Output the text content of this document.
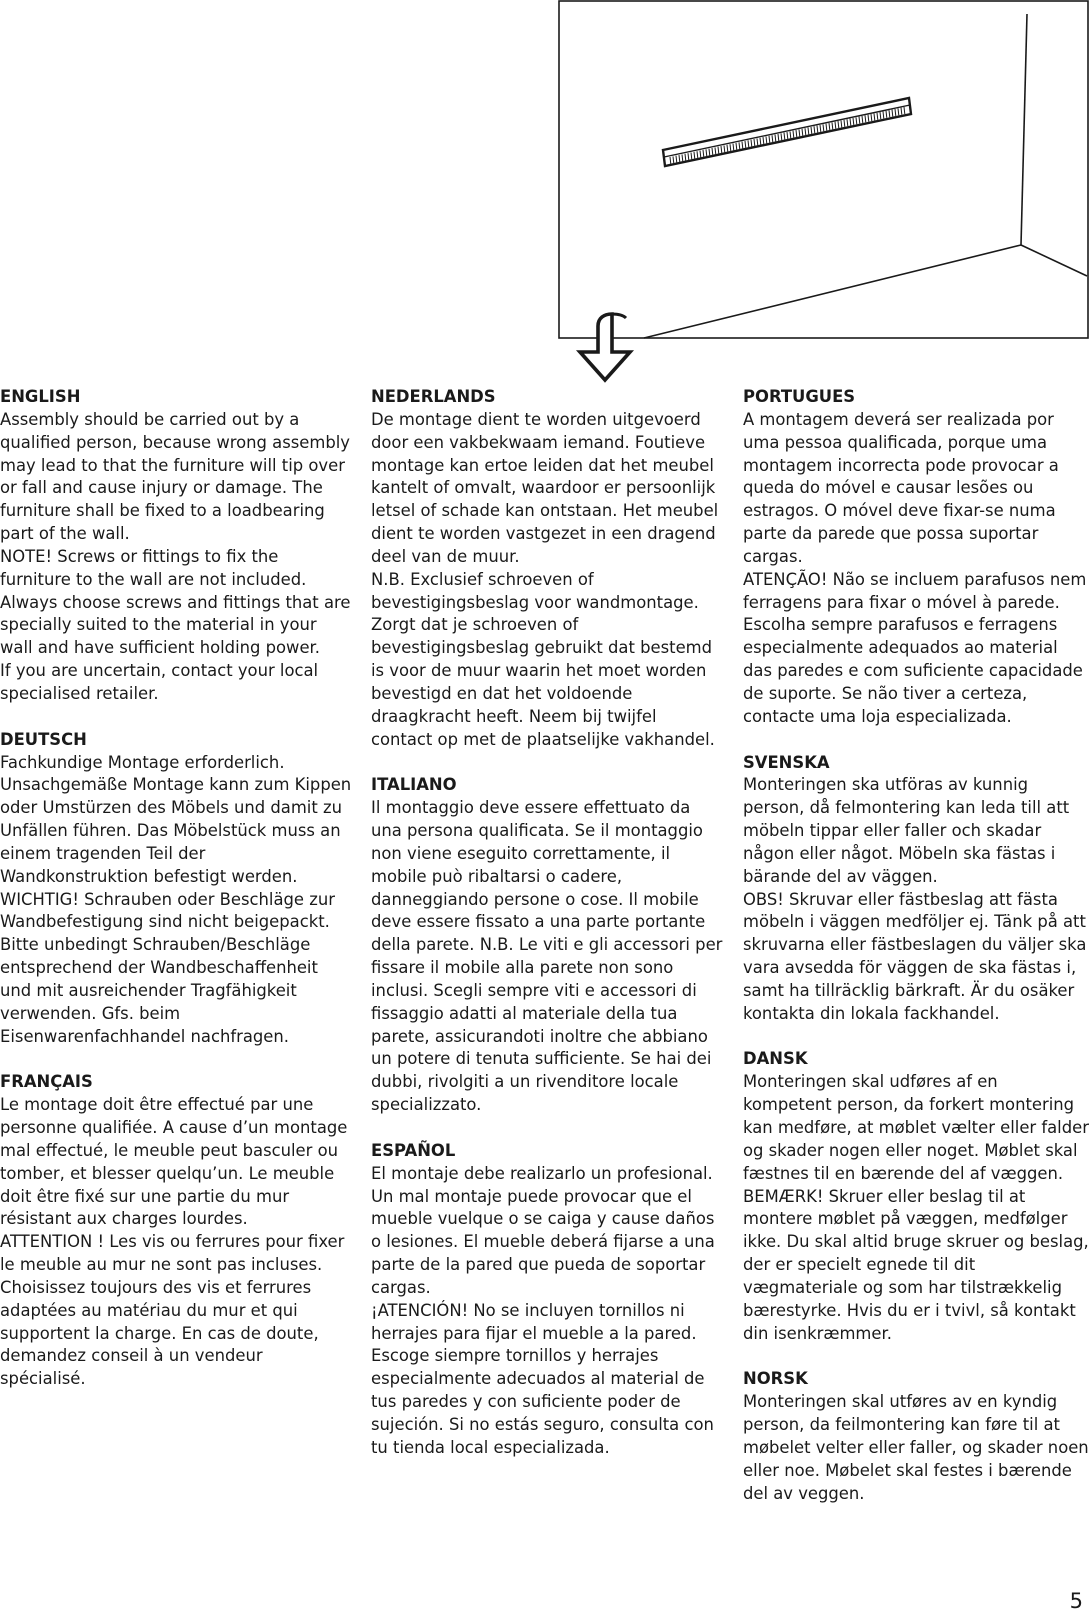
ENGLISH
Assembly should be carried out by a qualified person, because wrong assembly may lead to that the furniture will tip over or fall and cause injury or damage. The furniture shall be fixed to a loadbearing part of the wall.
NOTE! Screws or fittings to fix the furniture to the wall are not included. Always choose screws and fittings that are specially suited to the material in your wall and have sufficient holding power.
If you are uncertain, contact your local specialised retailer.
DEUTSCH
Fachkundige Montage erforderlich. Unsachgemäße Montage kann zum Kippen oder Umstürzen des Möbels und damit zu Unfällen führen. Das Möbelstück muss an einem tragenden Teil der Wandkonstruktion befestigt werden.
WICHTIG! Schrauben oder Beschläge zur Wandbefestigung sind nicht beigepackt. Bitte unbedingt Schrauben/Beschläge entsprechend der Wandbeschaffenheit und mit ausreichender Tragfähigkeit verwenden. Gfs. beim Eisenwarenfachhandel nachfragen.
FRANÇAIS
Le montage doit être effectué par une personne qualifiée. A cause d’un montage mal effectué, le meuble peut basculer ou tomber, et blesser quelqu’un. Le meuble doit être fixé sur une partie du mur résistant aux charges lourdes.
ATTENTION ! Les vis ou ferrures pour fixer le meuble au mur ne sont pas incluses. Choisissez toujours des vis et ferrures adaptées au matériau du mur et qui supportent la charge. En cas de doute, demandez conseil à un vendeur spécialisé.
NEDERLANDS
De montage dient te worden uitgevoerd door een vakbekwaam iemand. Foutieve montage kan ertoe leiden dat het meubel kantelt of omvalt, waardoor er persoonlijk letsel of schade kan ontstaan. Het meubel dient te worden vastgezet in een dragend deel van de muur.
N.B. Exclusief schroeven of bevestigingsbeslag voor wandmontage. Zorgt dat je schroeven of bevestigingsbeslag gebruikt dat bestemd is voor de muur waarin het moet worden bevestigd en dat het voldoende draagkracht heeft. Neem bij twijfel contact op met de plaatselijke vakhandel.
ITALIANO
Il montaggio deve essere effettuato da una persona qualificata. Se il montaggio non viene eseguito correttamente, il mobile può ribaltarsi o cadere, danneggiando persone o cose. Il mobile deve essere fissato a una parte portante della parete. N.B. Le viti e gli accessori per fissare il mobile alla parete non sono inclusi. Scegli sempre viti e accessori di fissaggio adatti al materiale della tua parete, assicurandoti inoltre che abbiano un potere di tenuta sufficiente. Se hai dei dubbi, rivolgiti a un rivenditore locale specializzato.
ESPAÑOL
El montaje debe realizarlo un profesional. Un mal montaje puede provocar que el mueble vuelque o se caiga y cause daños o lesiones. El mueble deberá fijarse a una parte de la pared que pueda de soportar cargas.
¡ATENCIÓN! No se incluyen tornillos ni herrajes para fijar el mueble a la pared. Escoge siempre tornillos y herrajes especialmente adecuados al material de tus paredes y con suficiente poder de sujeción. Si no estás seguro, consulta con tu tienda local especializada.
PORTUGUES
A montagem deverá ser realizada por uma pessoa qualificada, porque uma montagem incorrecta pode provocar a queda do móvel e causar lesões ou estragos. O móvel deve fixar-se numa parte da parede que possa suportar cargas.
ATENÇÃO! Não se incluem parafusos nem ferragens para fixar o móvel à parede. Escolha sempre parafusos e ferragens especialmente adequados ao material das paredes e com suficiente capacidade de suporte. Se não tiver a certeza, contacte uma loja especializada.
SVENSKA
Monteringen ska utföras av kunnig person, då felmontering kan leda till att möbeln tippar eller faller och skadar någon eller något. Möbeln ska fästas i bärande del av väggen.
OBS! Skruvar eller fästbeslag att fästa möbeln i väggen medföljer ej. Tänk på att skruvarna eller fästbeslagen du väljer ska vara avsedda för väggen de ska fästas i, samt ha tillräcklig bärkraft. Är du osäker kontakta din lokala fackhandel.
DANSK
Monteringen skal udføres af en kompetent person, da forkert montering kan medføre, at møblet vælter eller falder og skader nogen eller noget. Møblet skal fæstnes til en bærende del af væggen.
BEMÆRK! Skruer eller beslag til at montere møblet på væggen, medfølger ikke. Du skal altid bruge skruer og beslag, der er specielt egnede til dit vægmateriale og som har tilstrækkelig bærestyrke. Hvis du er i tvivl, så kontakt din isenkræmmer.
NORSK
Monteringen skal utføres av en kyndig person, da feilmontering kan føre til at møbelet velter eller faller, og skader noen eller noe. Møbelet skal festes i bærende del av veggen.
5
